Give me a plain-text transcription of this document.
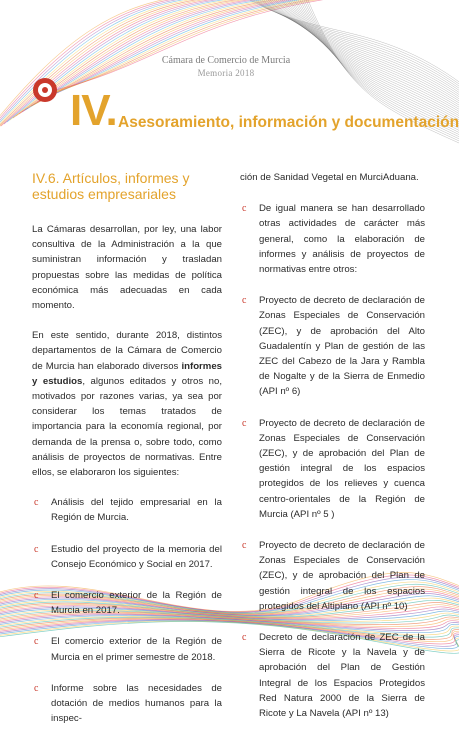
Cámara de Comercio de Murcia
Memoria 2018
IV. Asesoramiento, información y documentación
IV.6. Artículos, informes y estudios empresariales

La Cámaras desarrollan, por ley, una labor consultiva de la Administración a la que suministran información y trasladan propuestas sobre las medidas de política económica más adecuadas en cada momento.

En este sentido, durante 2018, distintos departamentos de la Cámara de Comercio de Murcia han elaborado diversos informes y estudios, algunos editados y otros no, motivados por razones varias, ya sea por considerar los temas tratados de importancia para la economía regional, por demanda de la prensa o, sobre todo, como análisis de proyectos de normativas. Entre ellos, se elaboraron los siguientes:

c Análisis del tejido empresarial en la Región de Murcia.
c Estudio del proyecto de la memoria del Consejo Económico y Social en 2017.
c El comercio exterior de la Región de Murcia en 2017.
c El comercio exterior de la Región de Murcia en el primer semestre de 2018.
c Informe sobre las necesidades de dotación de medios humanos para la inspec-
ción de Sanidad Vegetal en MurciAduana.
c De igual manera se han desarrollado otras actividades de carácter más general, como la elaboración de informes y análisis de proyectos de normativas entre otros:
c Proyecto de decreto de declaración de Zonas Especiales de Conservación (ZEC), y de aprobación del Alto Guadalentín y Plan de gestión de las ZEC del Cabezo de la Jara y Rambla de Nogalte y de la Sierra de Enmedio (API nº 6)
c Proyecto de decreto de declaración de Zonas Especiales de Conservación (ZEC), y de aprobación del Plan de gestión integral de los espacios protegidos de los relieves y cuenca centro-orientales de la Región de Murcia (API nº 5 )
c Proyecto de decreto de declaración de Zonas Especiales de Conservación (ZEC), y de aprobación del Plan de gestión integral de los espacios protegidos del Altiplano (API nº 10)
c Decreto de declaración de ZEC de la Sierra de Ricote y la Navela y de aprobación del Plan de Gestión Integral de los Espacios Protegidos Red Natura 2000 de la Sierra de Ricote y La Navela (API nº 13)
